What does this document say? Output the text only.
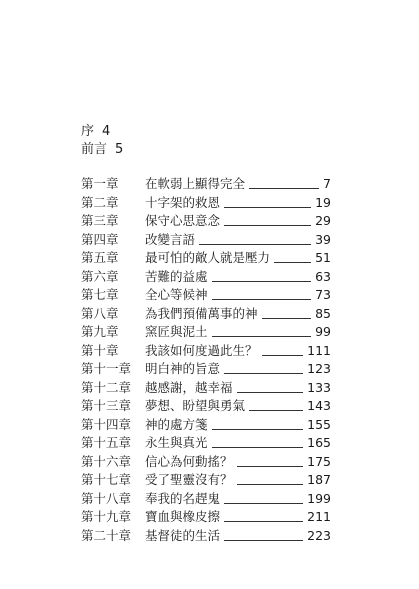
序 4
前言 5
第一章 在軟弱上顯得完全	7
第二章 十字架的救恩	19
第三章 保守心思意念	29
第四章 改變言語	39
第五章 最可怕的敵人就是壓力	51
第六章 苦難的益處	63
第七章 全心等候神	73
第八章 為我們預備萬事的神	85
第九章 窯匠與泥土	99
第十章 我該如何度過此生？	111
第十一章 明白神的旨意	123
第十二章 越感謝，越幸福	133
第十三章 夢想、盼望與勇氣	143
第十四章 神的處方箋	155
第十五章 永生與真光	165
第十六章 信心為何動搖？	175
第十七章 受了聖靈沒有？	187
第十八章 奉我的名趕鬼	199
第十九章 寶血與橡皮擦	211
第二十章 基督徒的生活	223
